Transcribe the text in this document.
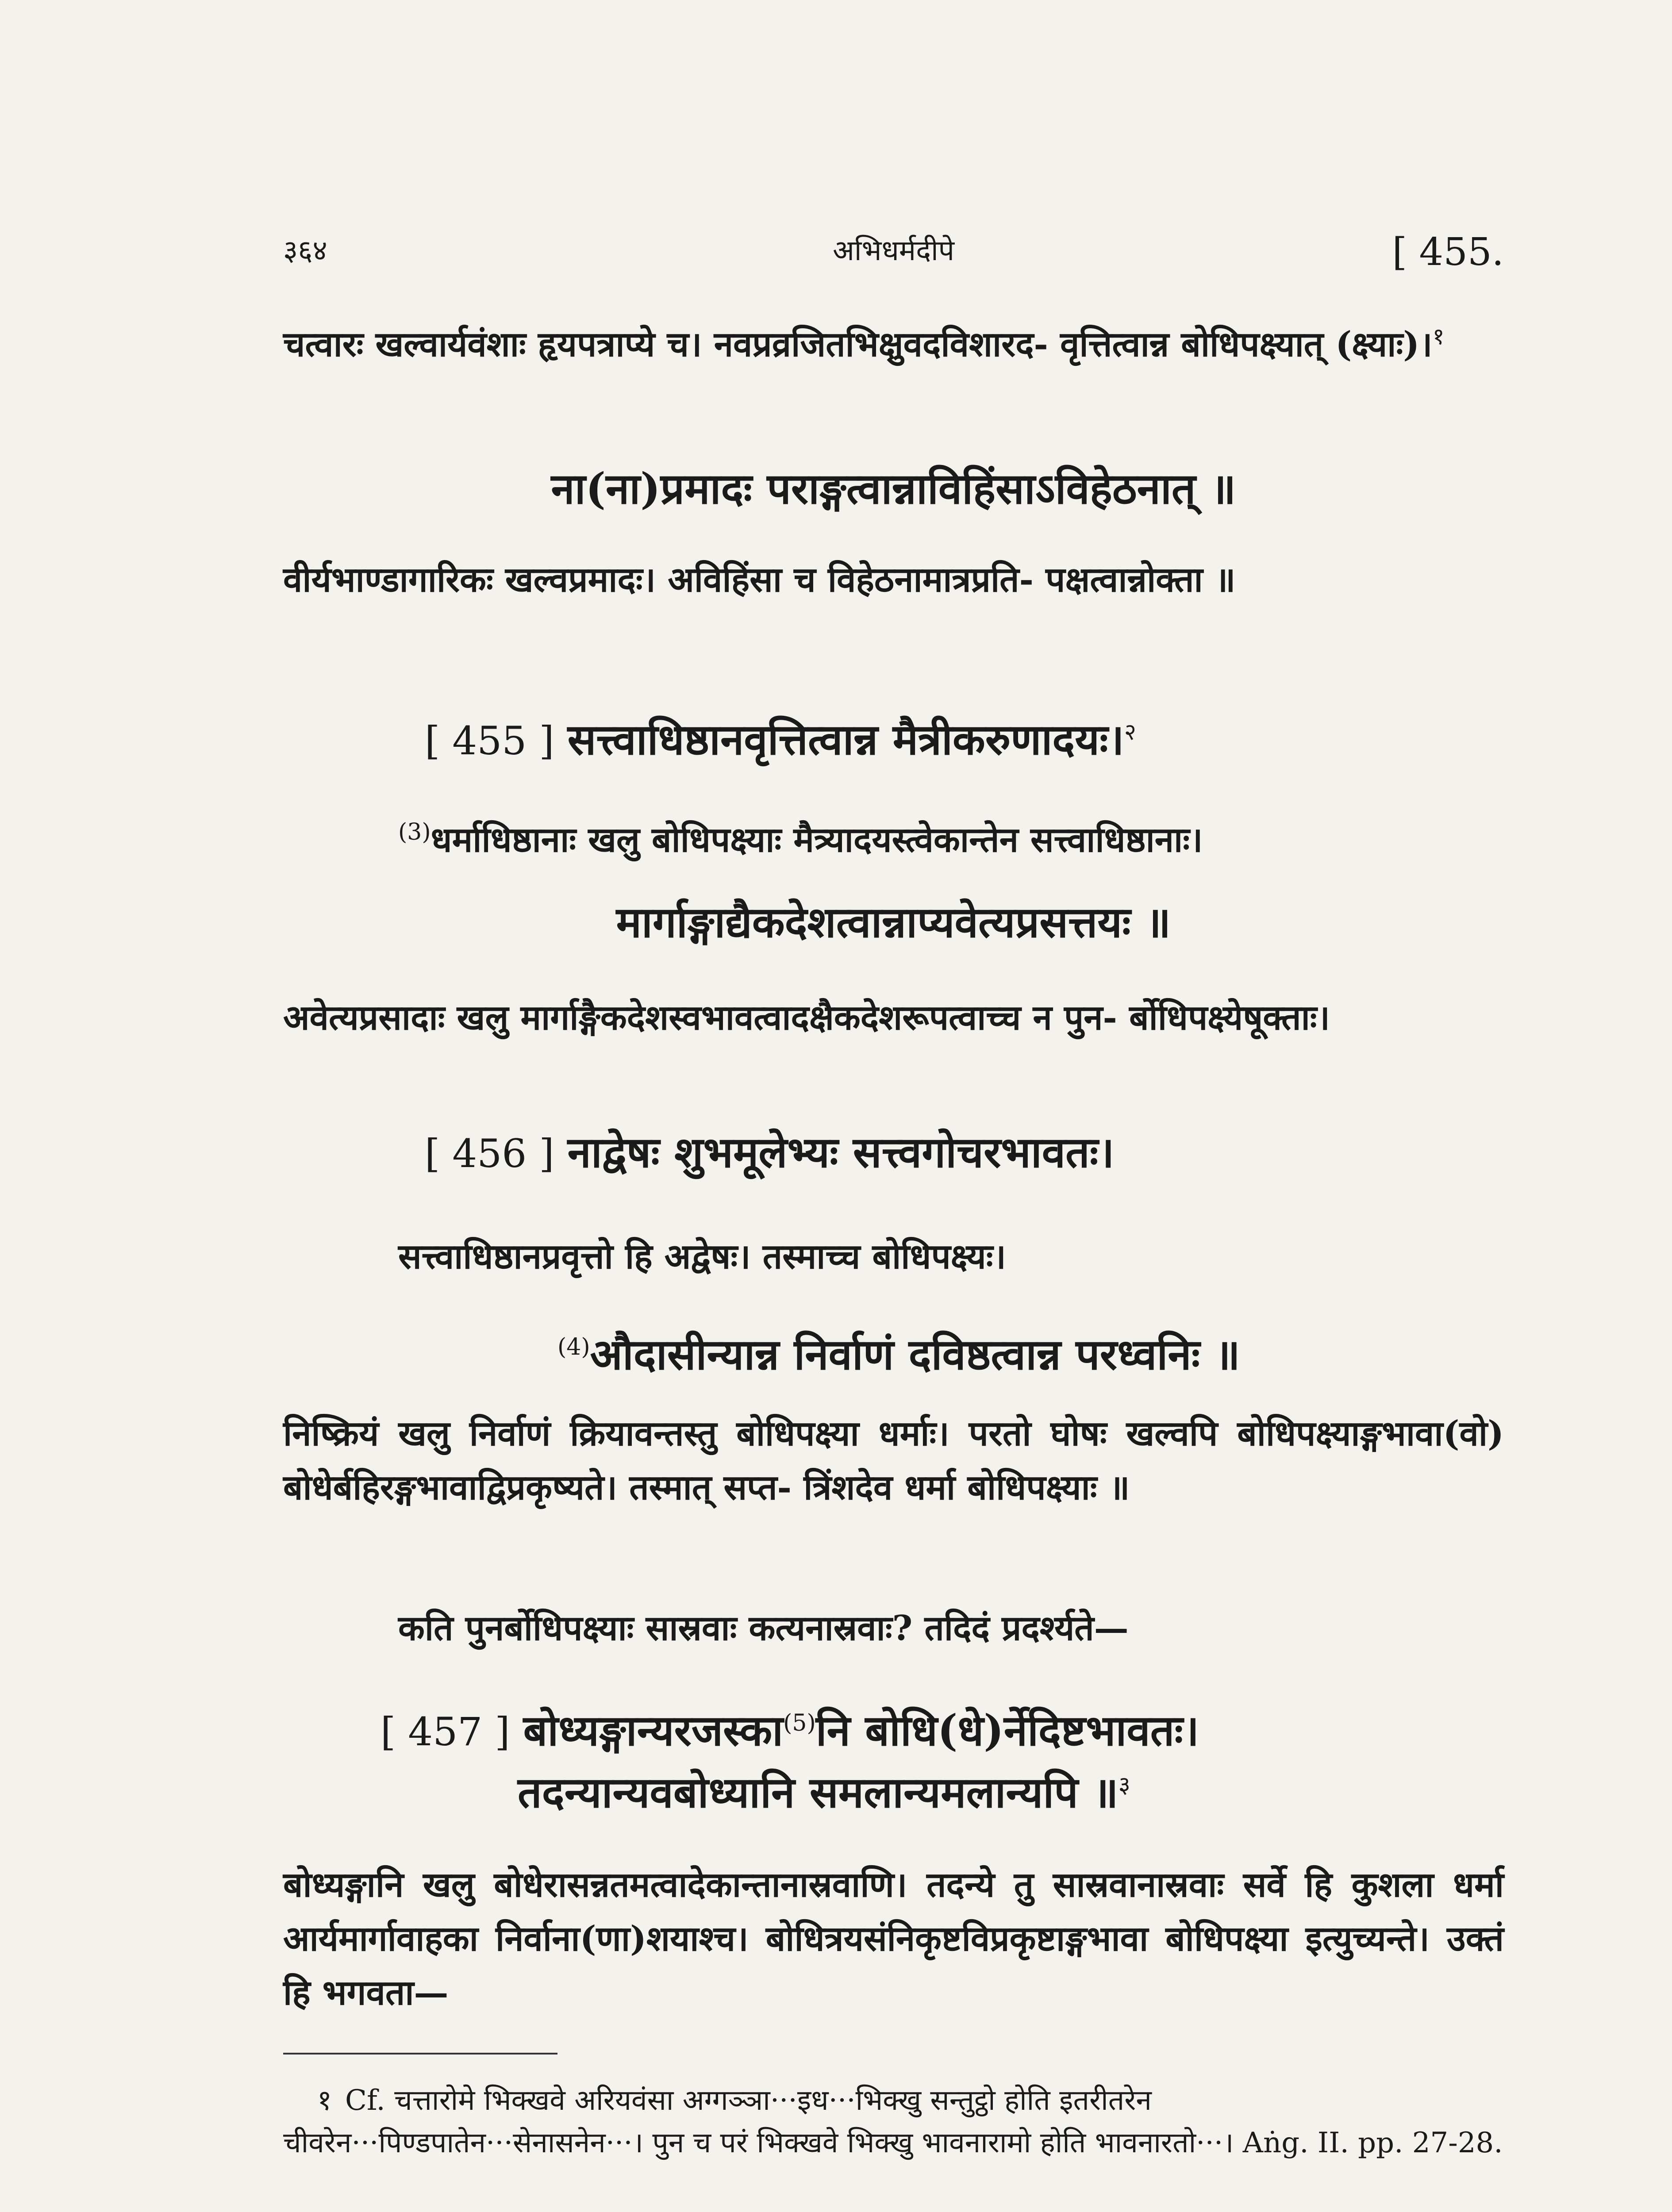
३६४	अभिधर्मदीपे	[ 455.
चत्वारः खल्वार्यवंशाः हृयपत्राप्ये च। नवप्रव्रजितभिक्षुवदविशारद- वृत्तित्वान्न बोधिपक्ष्यात् (क्ष्याः)।$^१$
ना(ना)प्रमादः पराङ्गत्वान्नाविहिंसाऽविहेठनात् ॥
वीर्यभाण्डागारिकः खल्वप्रमादः। अविहिंसा च विहेठनामात्रप्रति- पक्षत्वान्नोक्ता ॥
[ 455 ] सत्त्वाधिष्ठानवृत्तित्वान्न मैत्रीकरुणादयः।$^२$
$^{(3)}$धर्माधिष्ठानाः खलु बोधिपक्ष्याः मैत्र्यादयस्त्वेकान्तेन सत्त्वाधिष्ठानाः।
मार्गाङ्गाद्यैकदेशत्वान्नाप्यवेत्यप्रसत्तयः ॥
अवेत्यप्रसादाः खलु मार्गाङ्गैकदेशस्वभावत्वादक्षैकदेशरूपत्वाच्च न पुन- र्बोधिपक्ष्येषूक्ताः।
[ 456 ] नाद्वेषः शुभमूलेभ्यः सत्त्वगोचरभावतः।
सत्त्वाधिष्ठानप्रवृत्तो हि अद्वेषः। तस्माच्च बोधिपक्ष्यः।
$^{(4)}$औदासीन्यान्न निर्वाणं दविष्ठत्वान्न परध्वनिः ॥
निष्क्रियं खलु निर्वाणं क्रियावन्तस्तु बोधिपक्ष्या धर्माः। परतो घोषः खल्वपि बोधिपक्ष्याङ्गभावा(वो) बोधेर्बहिरङ्गभावाद्विप्रकृष्यते। तस्मात् सप्त- त्रिंशदेव धर्मा बोधिपक्ष्याः ॥
कति पुनर्बोधिपक्ष्याः सास्रवाः कत्यनास्रवाः? तदिदं प्रदर्श्यते—
[ 457 ] बोध्यङ्गान्यरजस्का$^{(5)}$नि बोधि(धे)र्नेदिष्टभावतः।
तदन्यान्यवबोध्यानि समलान्यमलान्यपि ॥$^३$
बोध्यङ्गानि खलु बोधेरासन्नतमत्वादेकान्तानास्रवाणि। तदन्ये तु सास्रवानास्रवाः सर्वे हि कुशला धर्मा आर्यमार्गावाहका निर्वाना(णा)शयाश्च। बोधित्रयसंनिकृष्टविप्रकृष्टाङ्गभावा बोधिपक्ष्या इत्युच्यन्ते। उक्तं हि भगवता—
१ Cf. चत्तारोमे भिक्खवे अरियवंसा अग्गञ्ञा···इध···भिक्खु सन्तुट्ठो होति इतरीतरेन चीवरेन···पिण्डपातेन···सेनासनेन···। पुन च परं भिक्खवे भिक्खु भावनारामो होति भावनारतो···। Aṅg. II. pp. 27-28.
